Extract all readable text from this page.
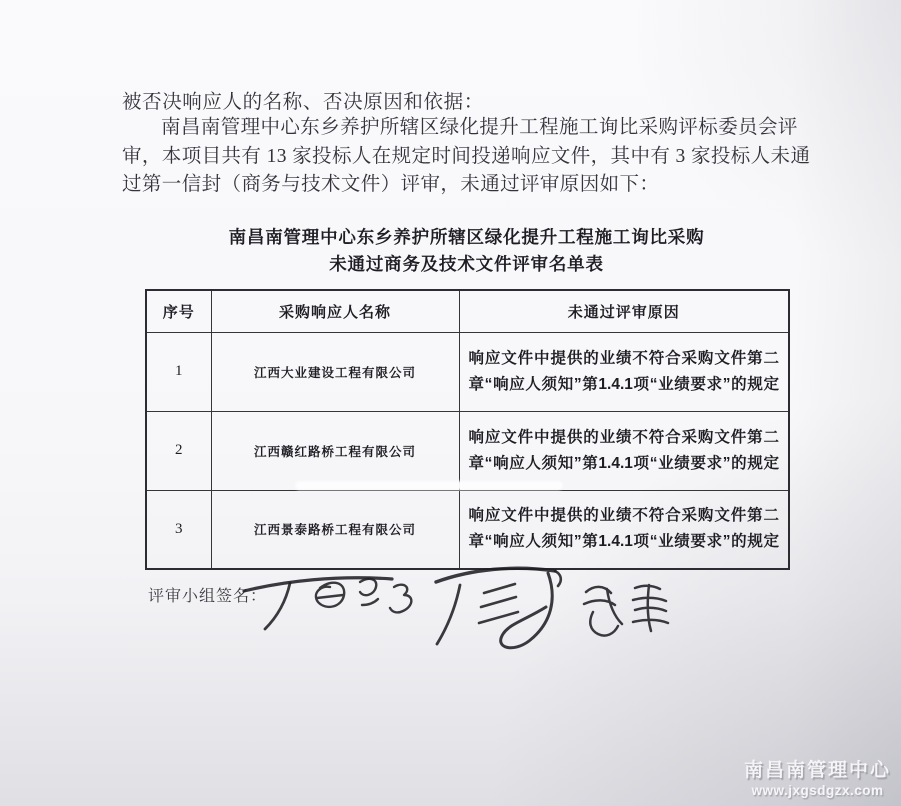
被否决响应人的名称、否决原因和依据：
南昌南管理中心东乡养护所辖区绿化提升工程施工询比采购评标委员会评
审，本项目共有 13 家投标人在规定时间投递响应文件，其中有 3 家投标人未通
过第一信封（商务与技术文件）评审，未通过评审原因如下：
南昌南管理中心东乡养护所辖区绿化提升工程施工询比采购
未通过商务及技术文件评审名单表
序号	采购响应人名称	未通过评审原因
1	江西大业建设工程有限公司	响应文件中提供的业绩不符合采购文件第二章“响应人须知”第1.4.1项“业绩要求”的规定
2	江西赣红路桥工程有限公司	响应文件中提供的业绩不符合采购文件第二章“响应人须知”第1.4.1项“业绩要求”的规定
3	江西景泰路桥工程有限公司	响应文件中提供的业绩不符合采购文件第二章“响应人须知”第1.4.1项“业绩要求”的规定
评审小组签名：
南昌南管理中心
www.jxgsdgzx.com
